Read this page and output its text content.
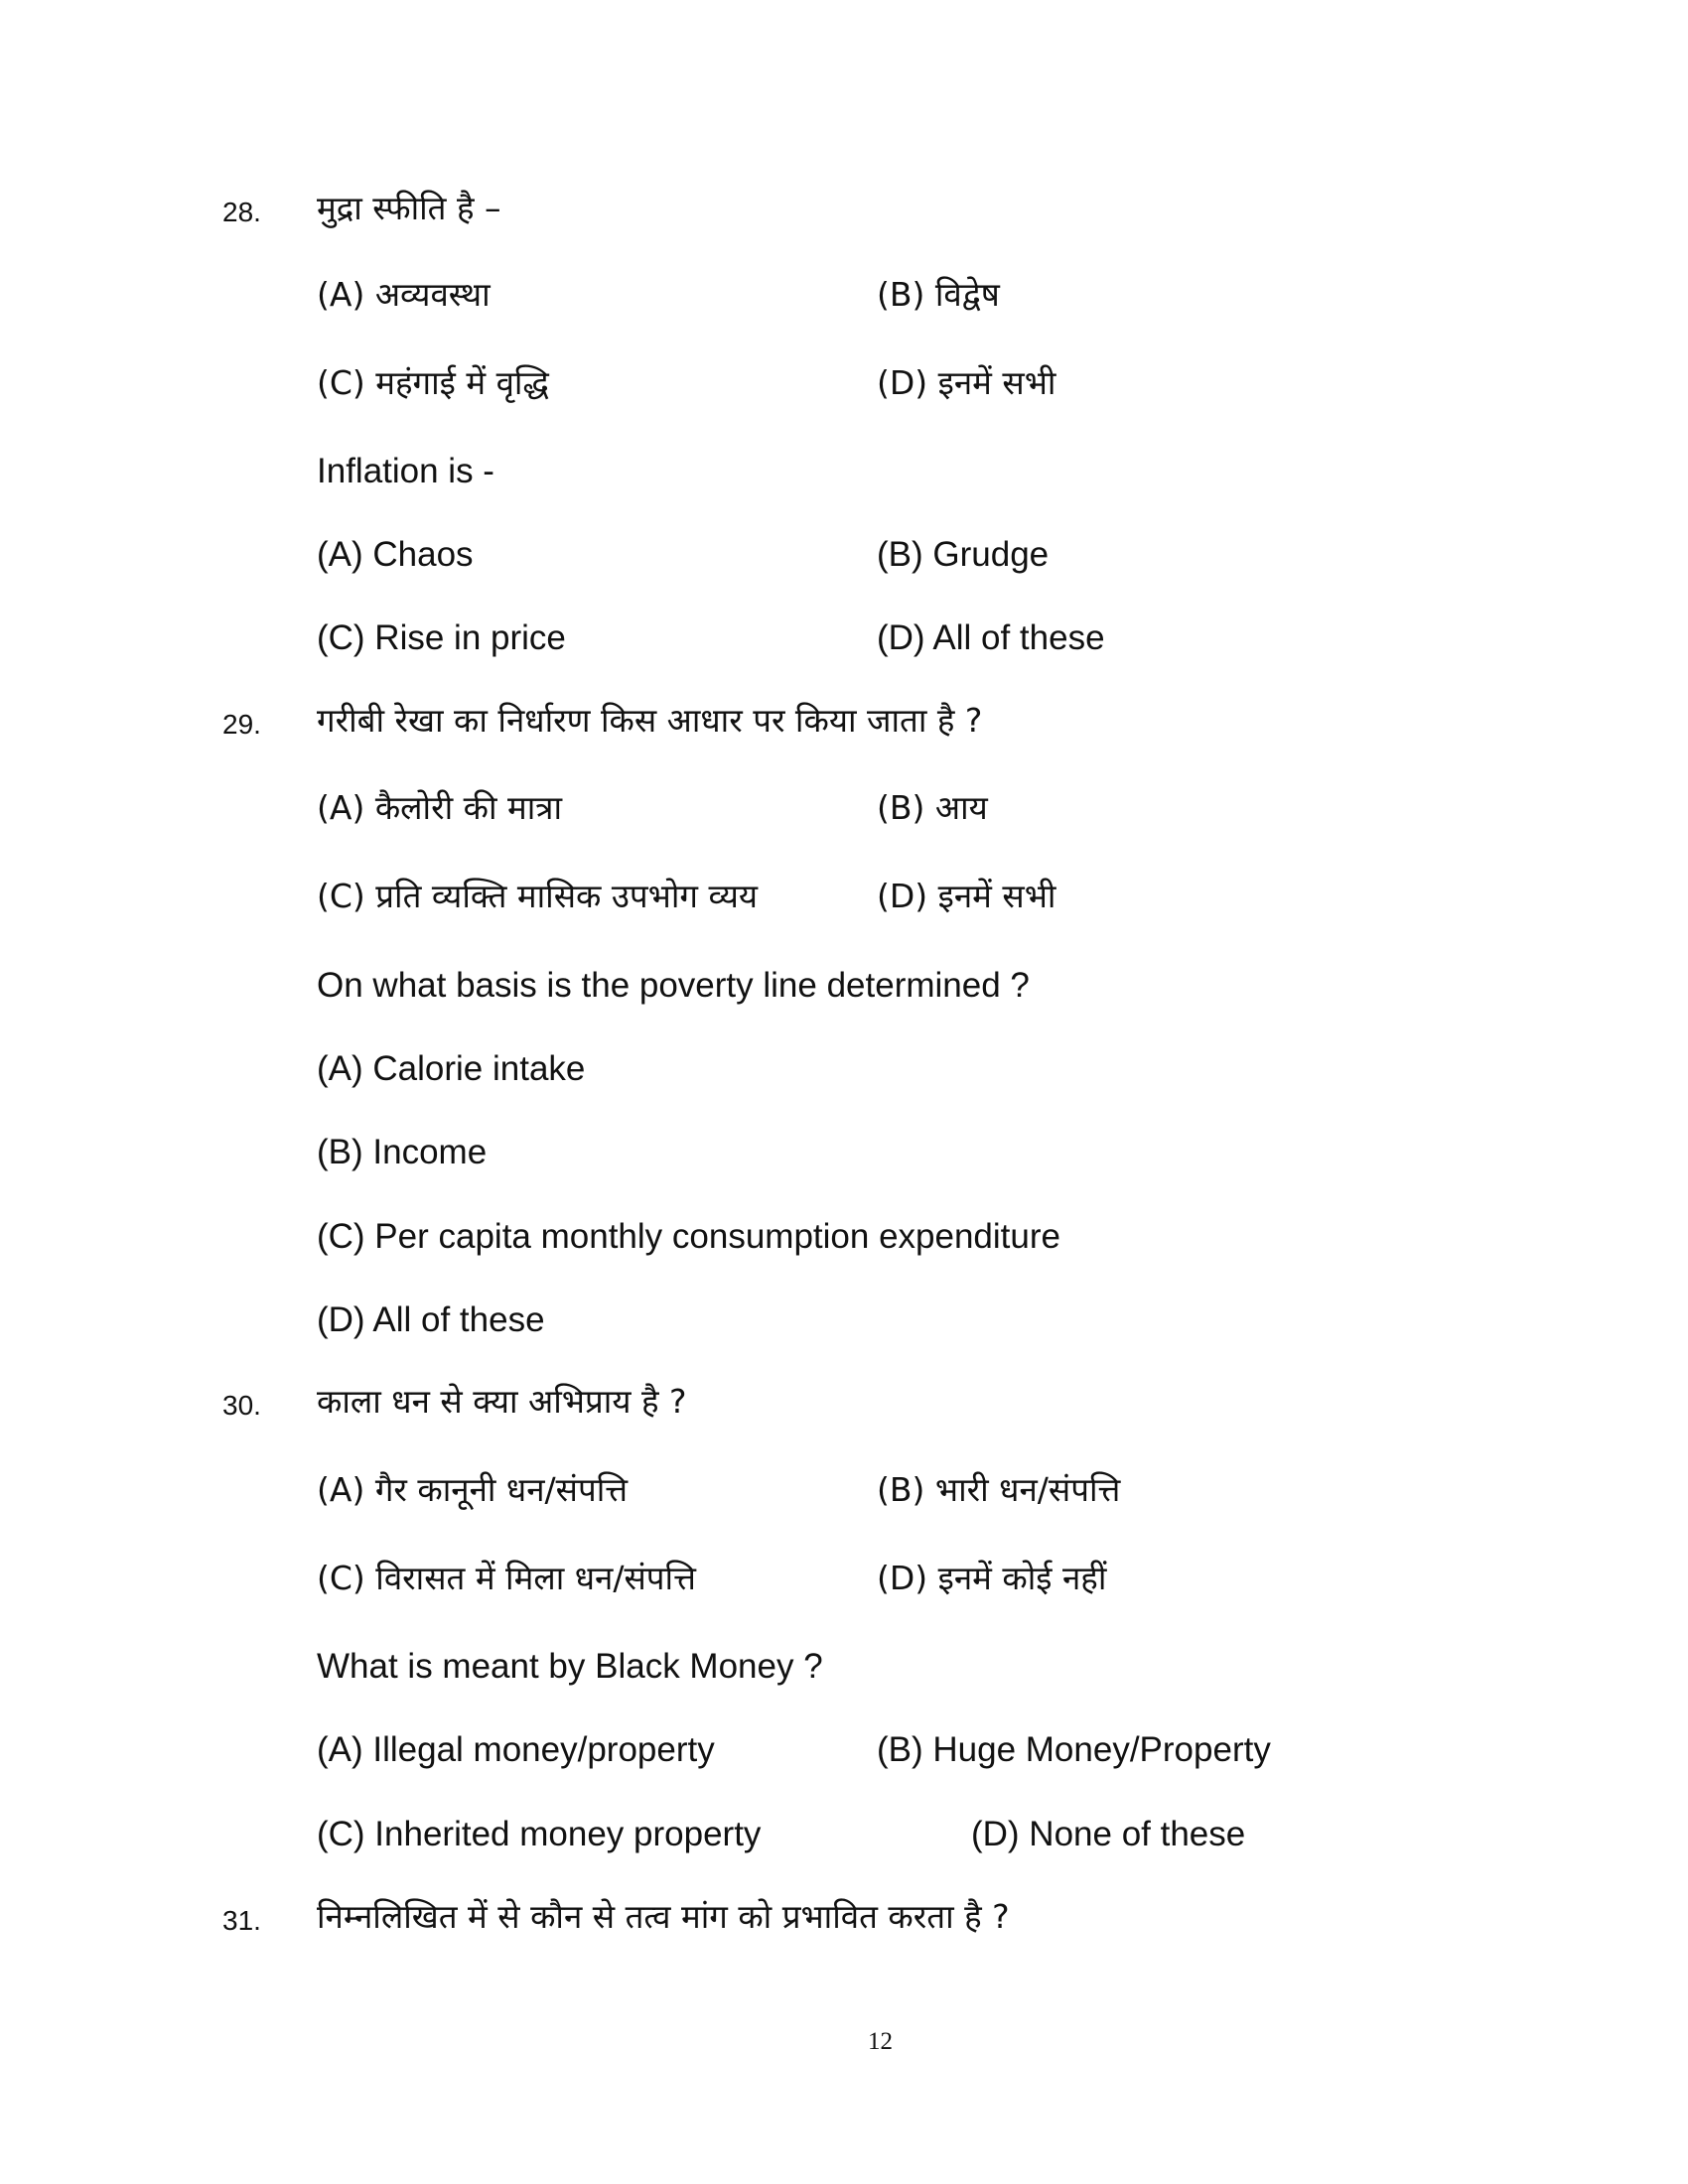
28. मुद्रा स्फीति है –
(A) अव्यवस्था	(B) विद्वेष
(C) महंगाई में वृद्धि	(D) इनमें सभी
Inflation is -
(A) Chaos	(B) Grudge
(C) Rise in price	(D) All of these
29. गरीबी रेखा का निर्धारण किस आधार पर किया जाता है ?
(A) कैलोरी की मात्रा	(B) आय
(C) प्रति व्यक्ति मासिक उपभोग व्यय	(D) इनमें सभी
On what basis is the poverty line determined ?
(A) Calorie intake
(B) Income
(C) Per capita monthly consumption expenditure
(D) All of these
30. काला धन से क्या अभिप्राय है ?
(A) गैर कानूनी धन/संपत्ति	(B) भारी धन/संपत्ति
(C) विरासत में मिला धन/संपत्ति	(D) इनमें कोई नहीं
What is meant by Black Money ?
(A) Illegal money/property	(B) Huge Money/Property
(C) Inherited money property	(D) None of these
31. निम्नलिखित में से कौन से तत्व मांग को प्रभावित करता है ?
12
